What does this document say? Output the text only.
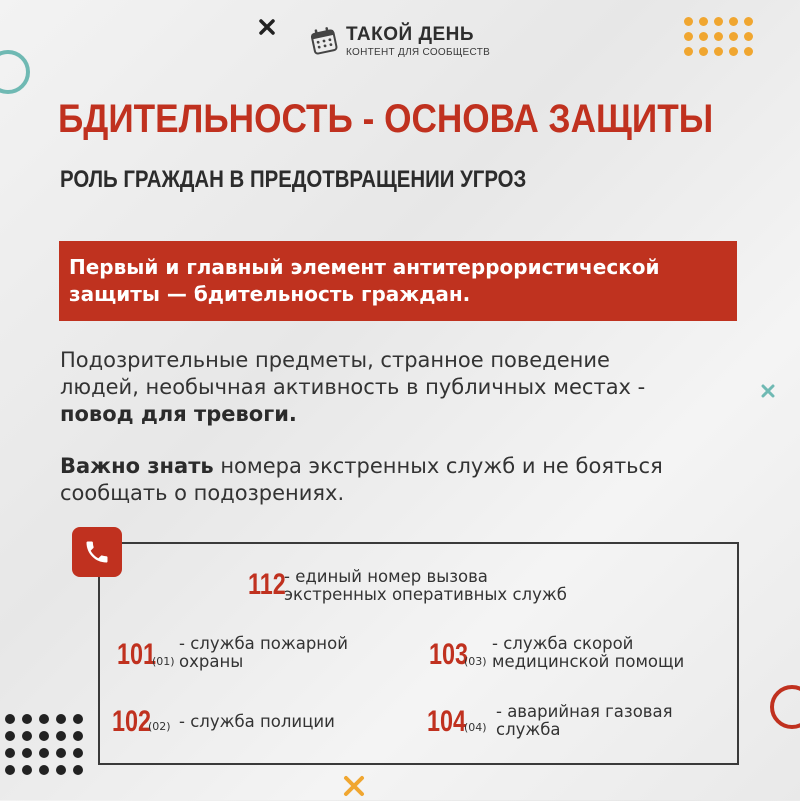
ТАКОЙ ДЕНЬ
КОНТЕНТ ДЛЯ СООБЩЕСТВ
БДИТЕЛЬНОСТЬ - ОСНОВА ЗАЩИТЫ
РОЛЬ ГРАЖДАН В ПРЕДОТВРАЩЕНИИ УГРОЗ
Первый и главный элемент антитеррористической
защиты — бдительность граждан.
Подозрительные предметы, странное поведение
людей, необычная активность в публичных местах -
повод для тревоги.
Важно знать номера экстренных служб и не бояться
сообщать о подозрениях.
112
- единый номер вызова
экстренных оперативных служб
101
(01)
- служба пожарной
охраны	103
(03)
- служба скорой
медицинской помощи
102
(02) - служба полиции	104
(04)
- аварийная газовая
служба
